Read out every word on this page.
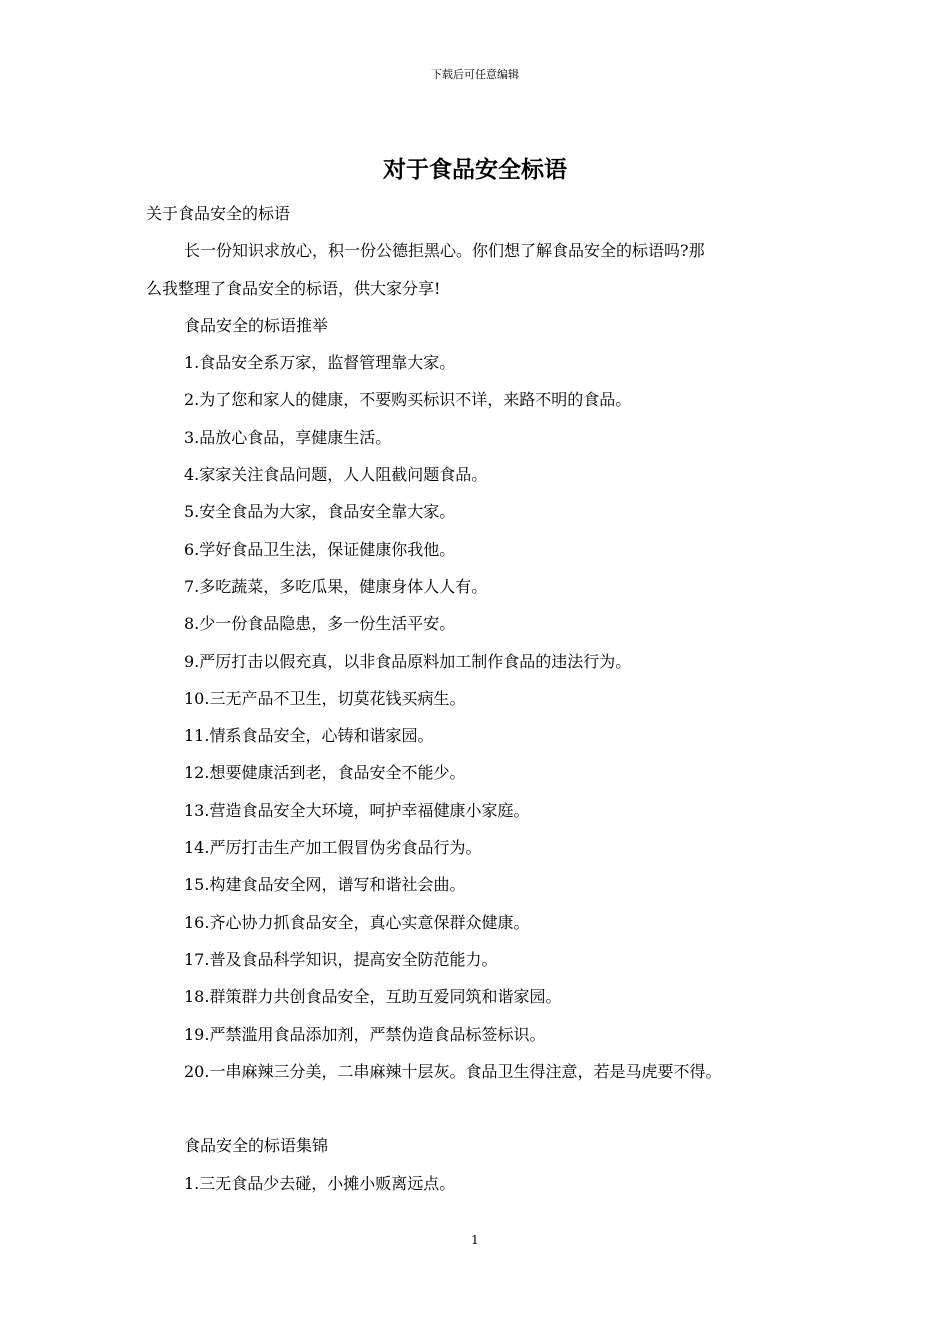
下载后可任意编辑
对于食品安全标语
关于食品安全的标语
长一份知识求放心，积一份公德拒黑心。你们想了解食品安全的标语吗?那
么我整理了食品安全的标语，供大家分享!
食品安全的标语推举
1.食品安全系万家，监督管理靠大家。
2.为了您和家人的健康，不要购买标识不详，来路不明的食品。
3.品放心食品，享健康生活。
4.家家关注食品问题，人人阻截问题食品。
5.安全食品为大家，食品安全靠大家。
6.学好食品卫生法，保证健康你我他。
7.多吃蔬菜，多吃瓜果，健康身体人人有。
8.少一份食品隐患，多一份生活平安。
9.严厉打击以假充真，以非食品原料加工制作食品的违法行为。
10.三无产品不卫生，切莫花钱买病生。
11.情系食品安全，心铸和谐家园。
12.想要健康活到老，食品安全不能少。
13.营造食品安全大环境，呵护幸福健康小家庭。
14.严厉打击生产加工假冒伪劣食品行为。
15.构建食品安全网，谱写和谐社会曲。
16.齐心协力抓食品安全，真心实意保群众健康。
17.普及食品科学知识，提高安全防范能力。
18.群策群力共创食品安全，互助互爱同筑和谐家园。
19.严禁滥用食品添加剂，严禁伪造食品标签标识。
20.一串麻辣三分美，二串麻辣十层灰。食品卫生得注意，若是马虎要不得。
食品安全的标语集锦
1.三无食品少去碰，小摊小贩离远点。
1
